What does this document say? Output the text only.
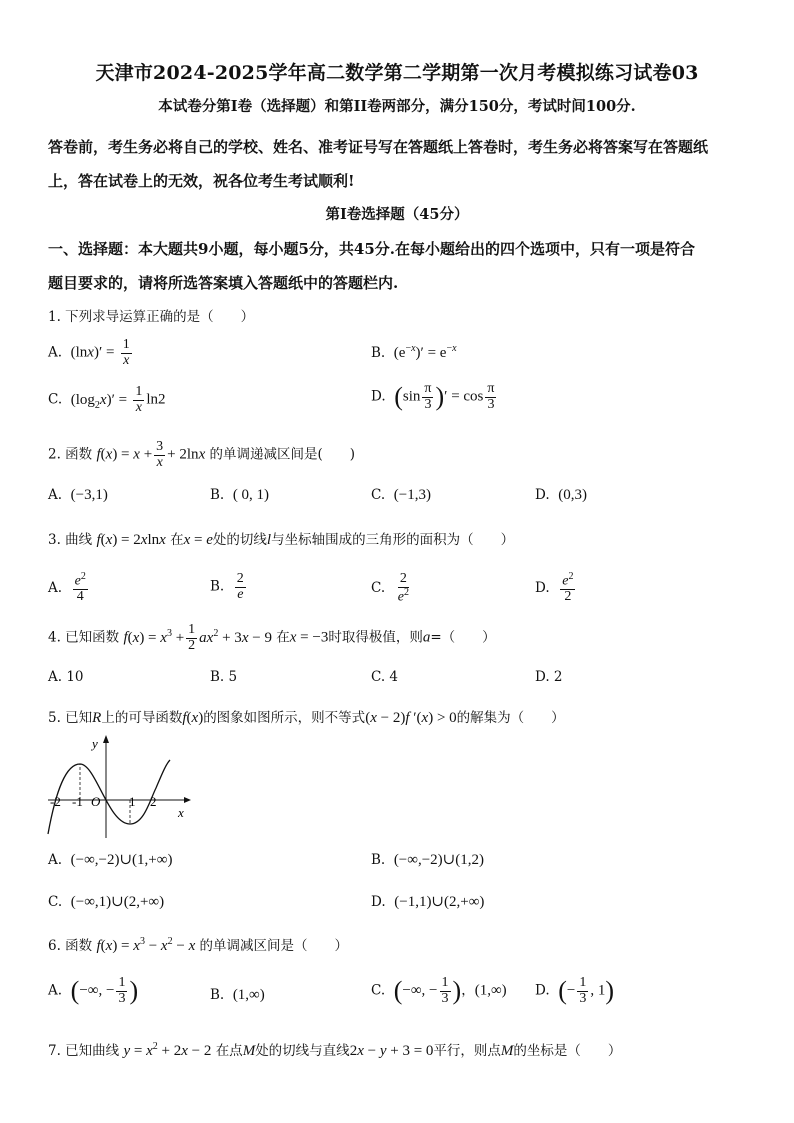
天津市2024-2025学年高二数学第二学期第一次月考模拟练习试卷03
本试卷分第I卷（选择题）和第II卷两部分，满分150分，考试时间100分.
答卷前，考生务必将自己的学校、姓名、准考证号写在答题纸上答卷时，考生务必将答案写在答题纸
上，答在试卷上的无效，祝各位考生考试顺利!
第I卷选择题（45分）
一、选择题：本大题共9小题，每小题5分，共45分.在每小题给出的四个选项中，只有一项是符合
题目要求的，请将所选答案填入答题纸中的答题栏内.
1. 下列求导运算正确的是（　　）
A.  $(\ln x)' = \frac{1}{x}$	B.  $(e^{-x})' = e^{-x}$
C.  $(\log_2x)' = \frac{1}{x} \ln 2$	D.  ($\sin \frac{\pi}{3}$ )′ = $\cos \frac{\pi}{3}$
2. 函数 $f(x) = x + \frac{3}{x} + 2\ln x$ 的单调递减区间是(　　)
A. (−3,1)	B. ( 0, 1)	C. (−1,3)	D. (0,3)
3. 曲线 f(x) = 2xlnx 在x = e处的切线l与坐标轴围成的三角形的面积为（　　）
A. $\frac{e^2}{4}$	B. $\frac{2}{e}$	C. $\frac{2}{e^2}$	D. $\frac{e^2}{2}$
4. 已知函数 $f(x) = x^3 + \frac{1}{2} ax^2 + 3x - 9$ 在x = −3时取得极值，则a=（　　）
A. 10	B. 5	C. 4	D. 2
5. 已知R上的可导函数f(x)的图象如图所示，则不等式(x − 2)f ′(x) > 0的解集为（　　）
y
x
O
-2 -1	1 2
A. (−∞,−2)∪(1,+∞)	B. (−∞,−2)∪(1,2)
C. (−∞,1)∪(2,+∞)	D. (−1,1)∪(2,+∞)
6. 函数 $f(x) = x^3 - x^2 - x$ 的单调减区间是（　　）
A. (−∞, − $\frac{1}{3}$ )	B. (1,∞)	C. (−∞, − $\frac{1}{3}$ )，(1,∞) D. (− $\frac{1}{3}$ , 1)
7. 已知曲线 $y = x^2 + 2x - 2$ 在点M处的切线与直线2x − y + 3 = 0平行，则点M的坐标是（　　）
